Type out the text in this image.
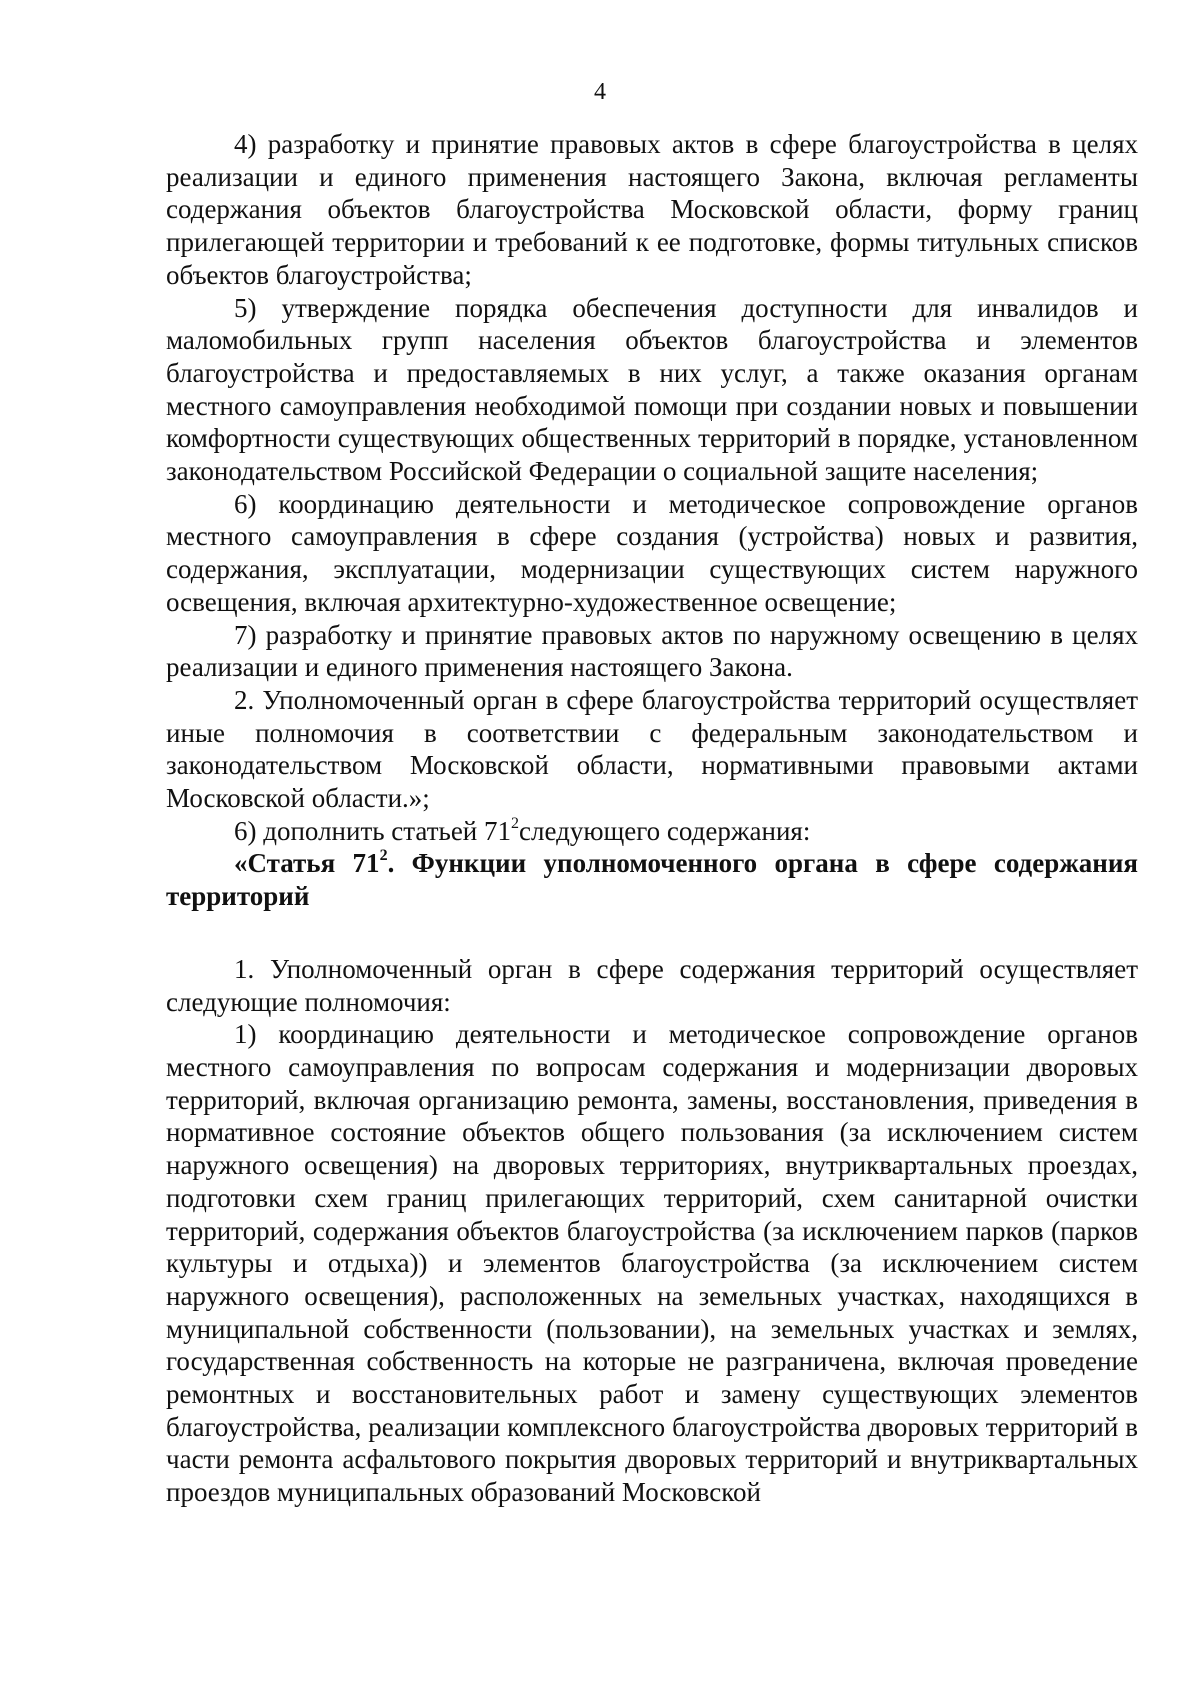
4

4) разработку и принятие правовых актов в сфере благоустройства в целях реализации и единого применения настоящего Закона, включая регламенты содержания объектов благоустройства Московской области, форму границ прилегающей территории и требований к ее подготовке, формы титульных списков объектов благоустройства;

5) утверждение порядка обеспечения доступности для инвалидов и маломобильных групп населения объектов благоустройства и элементов благоустройства и предоставляемых в них услуг, а также оказания органам местного самоуправления необходимой помощи при создании новых и повышении комфортности существующих общественных территорий в порядке, установленном законодательством Российской Федерации о социальной защите населения;

6) координацию деятельности и методическое сопровождение органов местного самоуправления в сфере создания (устройства) новых и развития, содержания, эксплуатации, модернизации существующих систем наружного освещения, включая архитектурно-художественное освещение;

7) разработку и принятие правовых актов по наружному освещению в целях реализации и единого применения настоящего Закона.

2. Уполномоченный орган в сфере благоустройства территорий осуществляет иные полномочия в соответствии с федеральным законодательством и законодательством Московской области, нормативными правовыми актами Московской области.»;

6) дополнить статьей $71^2следующего$ содержания:

«Статья $71^2$. Функции уполномоченного органа в сфере содержания территорий

1. Уполномоченный орган в сфере содержания территорий осуществляет следующие полномочия:

1) координацию деятельности и методическое сопровождение органов местного самоуправления по вопросам содержания и модернизации дворовых территорий, включая организацию ремонта, замены, восстановления, приведения в нормативное состояние объектов общего пользования (за исключением систем наружного освещения) на дворовых территориях, внутриквартальных проездах, подготовки схем границ прилегающих территорий, схем санитарной очистки территорий, содержания объектов благоустройства (за исключением парков (парков культуры и отдыха)) и элементов благоустройства (за исключением систем наружного освещения), расположенных на земельных участках, находящихся в муниципальной собственности (пользовании), на земельных участках и землях, государственная собственность на которые не разграничена, включая проведение ремонтных и восстановительных работ и замену существующих элементов благоустройства, реализации комплексного благоустройства дворовых территорий в части ремонта асфальтового покрытия дворовых территорий и внутриквартальных проездов муниципальных образований Московской
